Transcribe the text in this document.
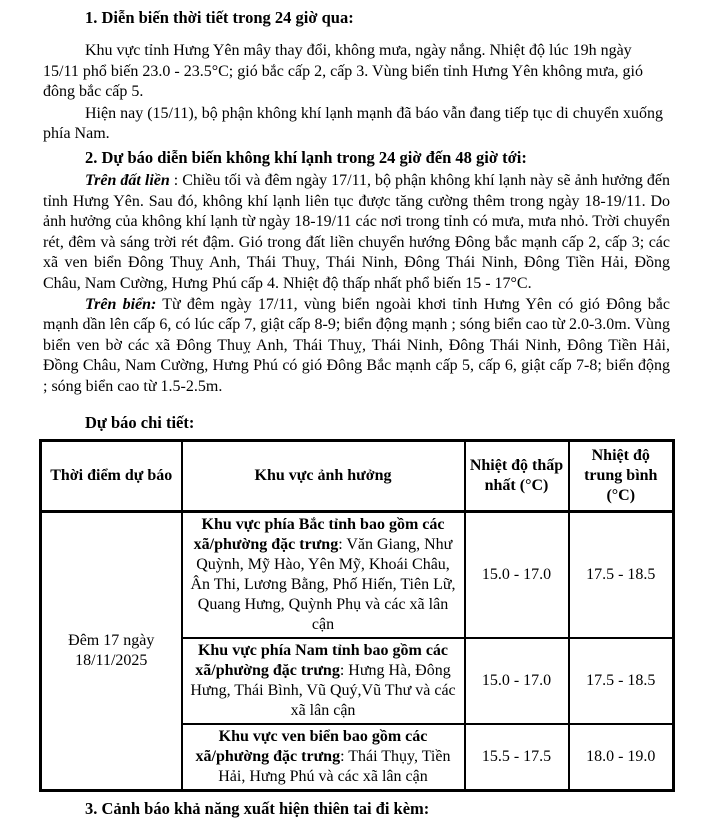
1. Diễn biến thời tiết trong 24 giờ qua:

Khu vực tỉnh Hưng Yên mây thay đổi, không mưa, ngày nắng. Nhiệt độ lúc 19h ngày 15/11 phổ biến 23.0 - 23.5°C; gió bắc cấp 2, cấp 3. Vùng biển tỉnh Hưng Yên không mưa, gió đông bắc cấp 5.

Hiện nay (15/11), bộ phận không khí lạnh mạnh đã báo vẫn đang tiếp tục di chuyển xuống phía Nam.

2. Dự báo diễn biến không khí lạnh trong 24 giờ đến 48 giờ tới:

Trên đất liền : Chiều tối và đêm ngày 17/11, bộ phận không khí lạnh này sẽ ảnh hưởng đến tỉnh Hưng Yên. Sau đó, không khí lạnh liên tục được tăng cường thêm trong ngày 18-19/11. Do ảnh hưởng của không khí lạnh từ ngày 18-19/11 các nơi trong tỉnh có mưa, mưa nhỏ. Trời chuyển rét, đêm và sáng trời rét đậm. Gió trong đất liền chuyển hướng Đông bắc mạnh cấp 2, cấp 3; các xã ven biển Đông Thuỵ Anh, Thái Thuỵ, Thái Ninh, Đông Thái Ninh, Đông Tiền Hải, Đồng Châu, Nam Cường, Hưng Phú cấp 4. Nhiệt độ thấp nhất phổ biến 15 - 17°C.

Trên biển: Từ đêm ngày 17/11, vùng biển ngoài khơi tỉnh Hưng Yên có gió Đông bắc mạnh dần lên cấp 6, có lúc cấp 7, giật cấp 8-9; biển động mạnh ; sóng biển cao từ 2.0-3.0m. Vùng biển ven bờ các xã Đông Thuỵ Anh, Thái Thuỵ, Thái Ninh, Đông Thái Ninh, Đông Tiền Hải, Đồng Châu, Nam Cường, Hưng Phú có gió Đông Bắc mạnh cấp 5, cấp 6, giật cấp 7-8; biển động ; sóng biển cao từ 1.5-2.5m.

Dự báo chi tiết:

Thời điểm dự báo	Khu vực ảnh hưởng	Nhiệt độ thấp nhất (°C)	Nhiệt độ trung bình (°C)
Đêm 17 ngày 18/11/2025	Khu vực phía Bắc tỉnh bao gồm các xã/phường đặc trưng: Văn Giang, Như Quỳnh, Mỹ Hào, Yên Mỹ, Khoái Châu, Ân Thi, Lương Bằng, Phố Hiến, Tiên Lữ, Quang Hưng, Quỳnh Phụ và các xã lân cận	15.0 - 17.0	17.5 - 18.5
	Khu vực phía Nam tỉnh bao gồm các xã/phường đặc trưng: Hưng Hà, Đông Hưng, Thái Bình, Vũ Quý,Vũ Thư và các xã lân cận	15.0 - 17.0	17.5 - 18.5
	Khu vực ven biển bao gồm các xã/phường đặc trưng: Thái Thụy, Tiền Hải, Hưng Phú và các xã lân cận	15.5 - 17.5	18.0 - 19.0

3. Cảnh báo khả năng xuất hiện thiên tai đi kèm:
